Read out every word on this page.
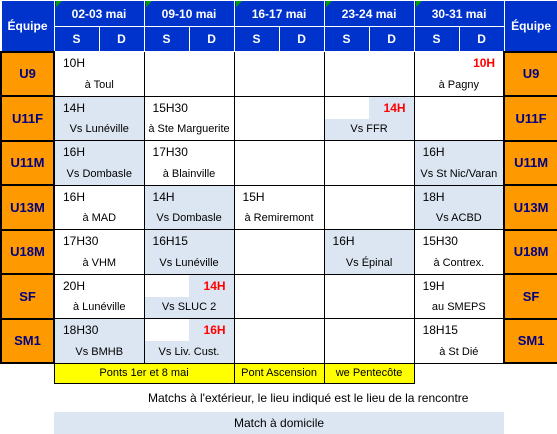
Équipe	02-03 mai		09-10 mai		16-17 mai		23-24 mai		30-31 mai		Équipe
	S	D	S	D	S	D	S	D	S	D	
U9	10H									10H	U9
	à Toul								à Pagny		
U11F	14H		15H30					14H			U11F
	Vs Lunéville		à Ste Marguerite				Vs FFR				
U11M	16H		17H30						16H		U11M
	Vs Dombasle		à Blainville						Vs St Nic/Varan		
U13M	16H		14H		15H				18H		U13M
	à MAD		Vs Dombasle		à Remiremont				Vs ACBD		
U18M	17H30		16H15				16H		15H30		U18M
	à VHM		Vs Lunéville				Vs Épinal		à Contrex.		
SF	20H			14H					19H		SF
	à Lunéville		Vs SLUC 2						au SMEPS		
SM1	18H30			16H					18H15		SM1
	Vs BMHB		Vs Liv. Cust.						à St Dié		
	Ponts 1er et 8 mai				Pont Ascension		we Pentecôte				
	Matchs à l'extérieur, le lieu indiqué est le lieu de la rencontre										
	Match à domicile										
